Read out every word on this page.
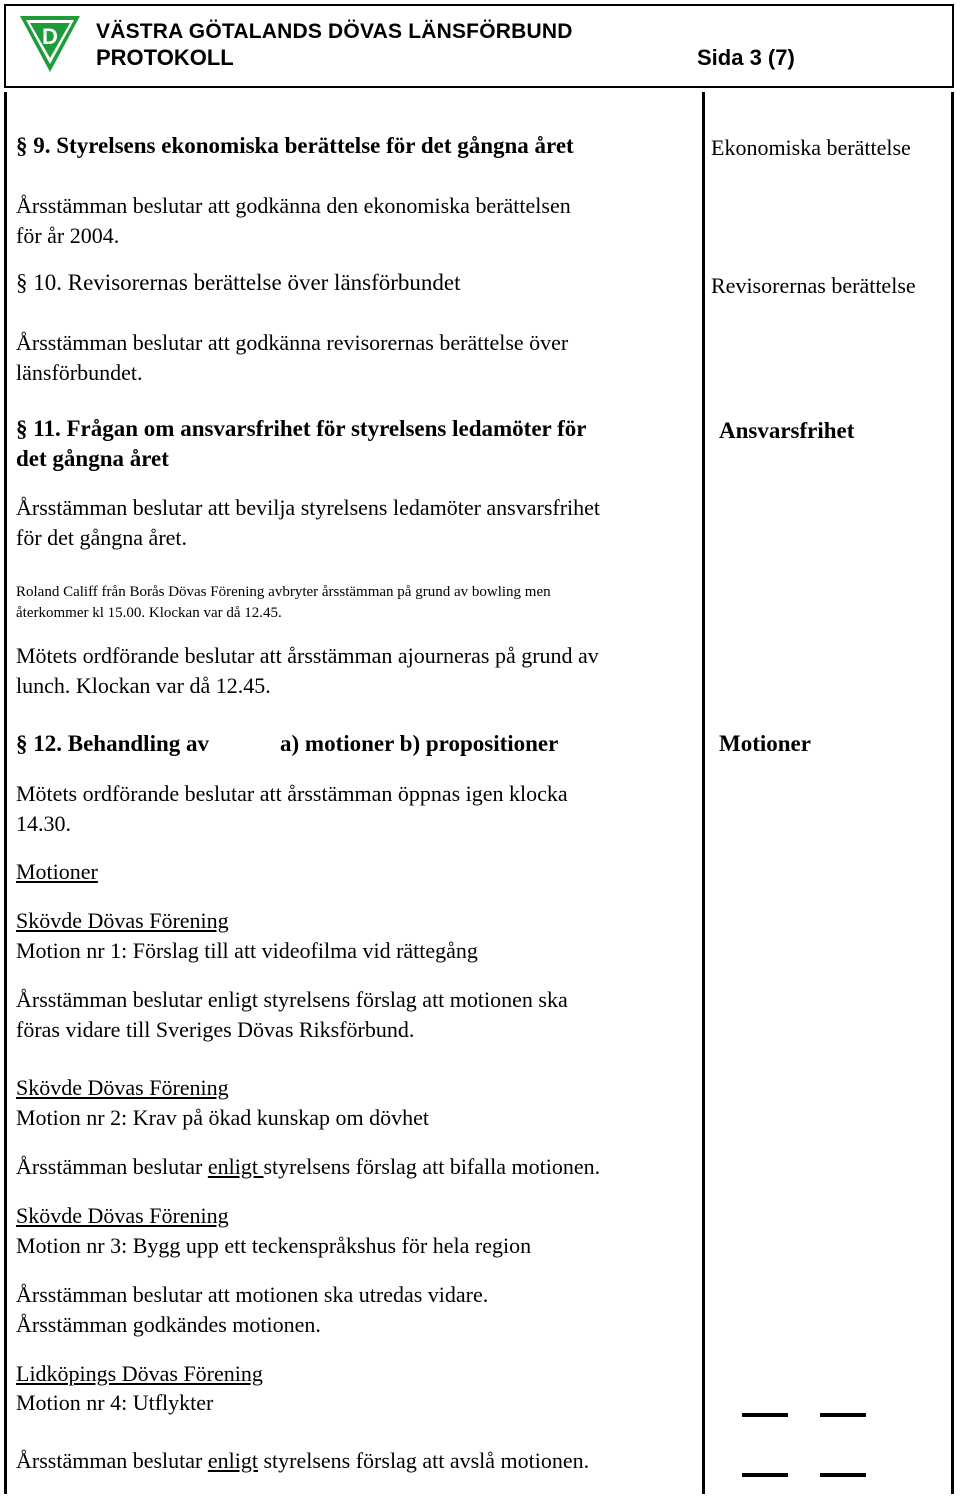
D VÄSTRA GÖTALANDS DÖVAS LÄNSFÖRBUND
PROTOKOLL	Sida 3 (7)
§ 9. Styrelsens ekonomiska berättelse för det gångna året	Ekonomiska berättelse
Årsstämman beslutar att godkänna den ekonomiska berättelsen
för år 2004.
§ 10. Revisorernas berättelse över länsförbundet	Revisorernas berättelse
Årsstämman beslutar att godkänna revisorernas berättelse över
länsförbundet.
§ 11. Frågan om ansvarsfrihet för styrelsens ledamöter för
det gångna året
Ansvarsfrihet
Årsstämman beslutar att bevilja styrelsens ledamöter ansvarsfrihet
för det gångna året.
Roland Califf från Borås Dövas Förening avbryter årsstämman på grund av bowling men
återkommer kl 15.00. Klockan var då 12.45.
Mötets ordförande beslutar att årsstämman ajourneras på grund av
lunch. Klockan var då 12.45.
§ 12. Behandling av	a) motioner b) propositioner	Motioner
Mötets ordförande beslutar att årsstämman öppnas igen klocka
14.30.
Motioner
Skövde Dövas Förening
Motion nr 1: Förslag till att videofilma vid rättegång
Årsstämman beslutar enligt styrelsens förslag att motionen ska
föras vidare till Sveriges Dövas Riksförbund.
Skövde Dövas Förening
Motion nr 2: Krav på ökad kunskap om dövhet
Årsstämman beslutar enligt styrelsens förslag att bifalla motionen.
Skövde Dövas Förening
Motion nr 3: Bygg upp ett teckenspråkshus för hela region
Årsstämman beslutar att motionen ska utredas vidare.
Årsstämman godkändes motionen.
Lidköpings Dövas Förening
Motion nr 4: Utflykter
Årsstämman beslutar enligt styrelsens förslag att avslå motionen.
